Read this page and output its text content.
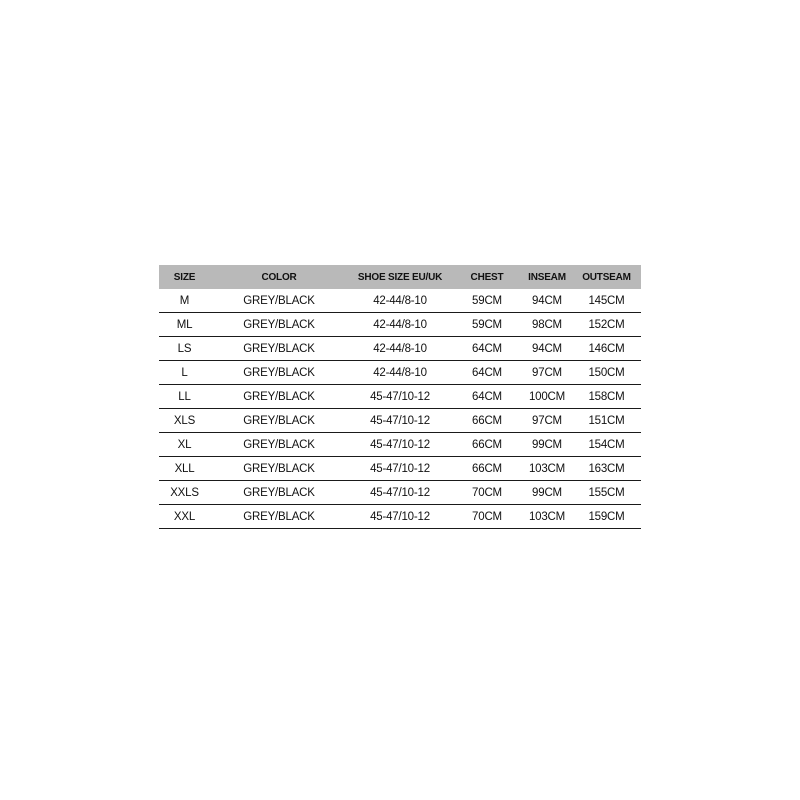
SIZE	COLOR	SHOE SIZE EU/UK	CHEST	INSEAM	OUTSEAM
M	GREY/BLACK	42-44/8-10	59CM	94CM	145CM
ML	GREY/BLACK	42-44/8-10	59CM	98CM	152CM
LS	GREY/BLACK	42-44/8-10	64CM	94CM	146CM
L	GREY/BLACK	42-44/8-10	64CM	97CM	150CM
LL	GREY/BLACK	45-47/10-12	64CM	100CM	158CM
XLS	GREY/BLACK	45-47/10-12	66CM	97CM	151CM
XL	GREY/BLACK	45-47/10-12	66CM	99CM	154CM
XLL	GREY/BLACK	45-47/10-12	66CM	103CM	163CM
XXLS	GREY/BLACK	45-47/10-12	70CM	99CM	155CM
XXL	GREY/BLACK	45-47/10-12	70CM	103CM	159CM
